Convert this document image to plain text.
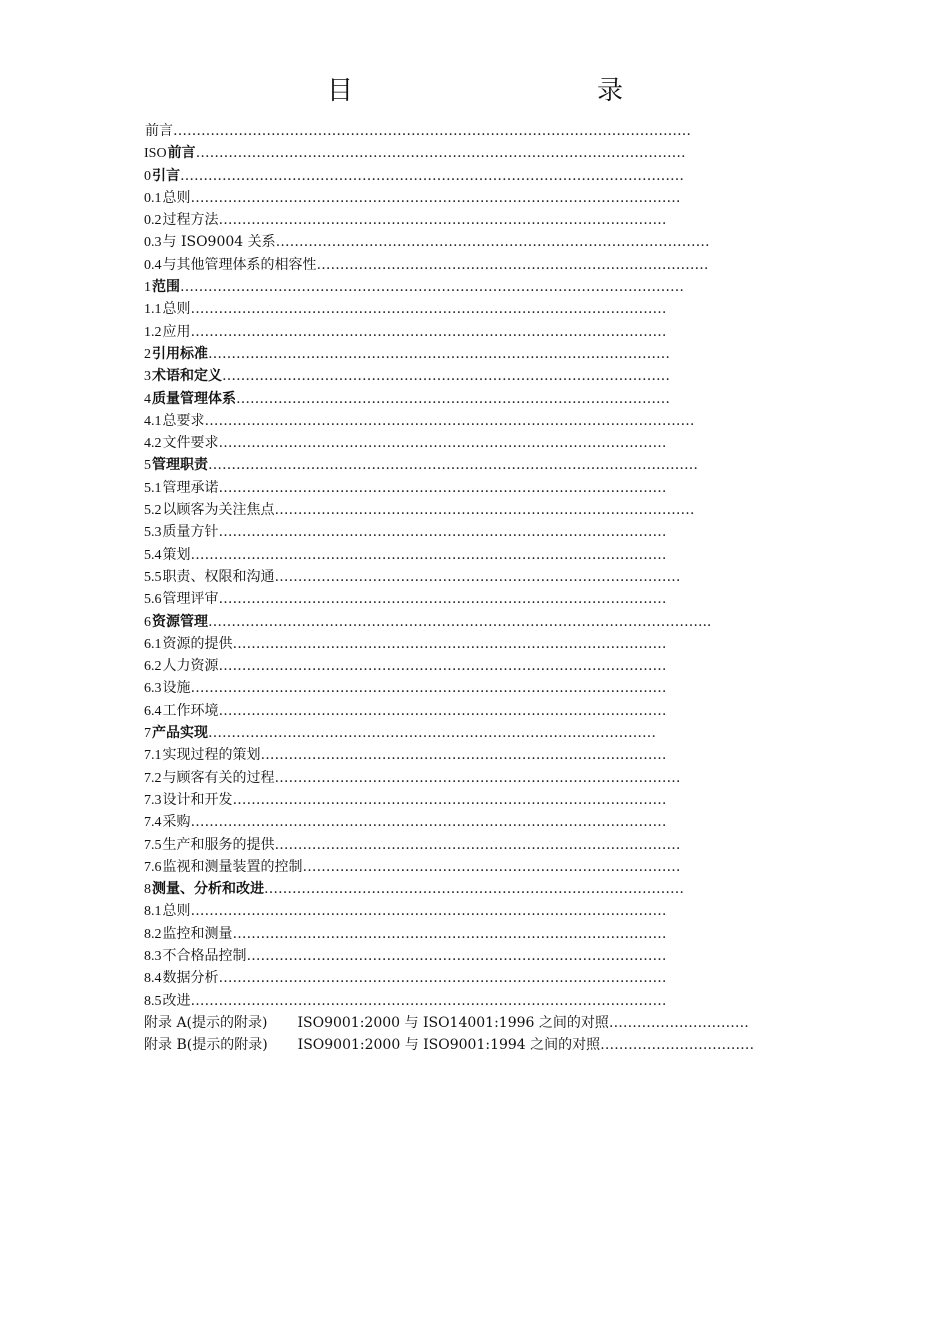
目　　录
前言…………………………………………………………………………………………………
ISO前言……………………………………………………………………………………………
0引言………………………………………………………………………………………………
0.1总则……………………………………………………………………………………………
0.2过程方法……………………………………………………………………………………
0.3与 ISO9004 关系…………………………………………………………………………………
0.4与其他管理体系的相容性…………………………………………………………………………
1范围………………………………………………………………………………………………
1.1总则…………………………………………………………………………………………
1.2应用…………………………………………………………………………………………
2引用标准………………………………………………………………………………………
3术语和定义……………………………………………………………………………………
4质量管理体系…………………………………………………………………………………
4.1总要求……………………………………………………………………………………………
4.2文件要求……………………………………………………………………………………
5管理职责……………………………………………………………………………………………
5.1管理承诺……………………………………………………………………………………
5.2以顾客为关注焦点………………………………………………………………………………
5.3质量方针……………………………………………………………………………………
5.4策划…………………………………………………………………………………………
5.5职责、权限和沟通……………………………………………………………………………
5.6管理评审……………………………………………………………………………………
6资源管理……………………………………………………………………………………………...
6.1资源的提供…………………………………………………………………………………
6.2人力资源……………………………………………………………………………………
6.3设施…………………………………………………………………………………………
6.4工作环境……………………………………………………………………………………
7产品实现……………………………………………………………………………………
7.1实现过程的策划……………………………………………………………………………
7.2与顾客有关的过程……………………………………………………………………………
7.3设计和开发…………………………………………………………………………………
7.4采购…………………………………………………………………………………………
7.5生产和服务的提供……………………………………………………………………………
7.6监视和测量装置的控制………………………………………………………………………
8测量、分析和改进………………………………………………………………………………
8.1总则…………………………………………………………………………………………
8.2监控和测量…………………………………………………………………………………
8.3不合格品控制………………………………………………………………………………
8.4数据分析……………………………………………………………………………………
8.5改进…………………………………………………………………………………………
附录 A(提示的附录) ISO9001:2000 与 ISO14001:1996 之间的对照…………………………
附录 B(提示的附录) ISO9001:2000 与 ISO9001:1994 之间的对照……………………………
